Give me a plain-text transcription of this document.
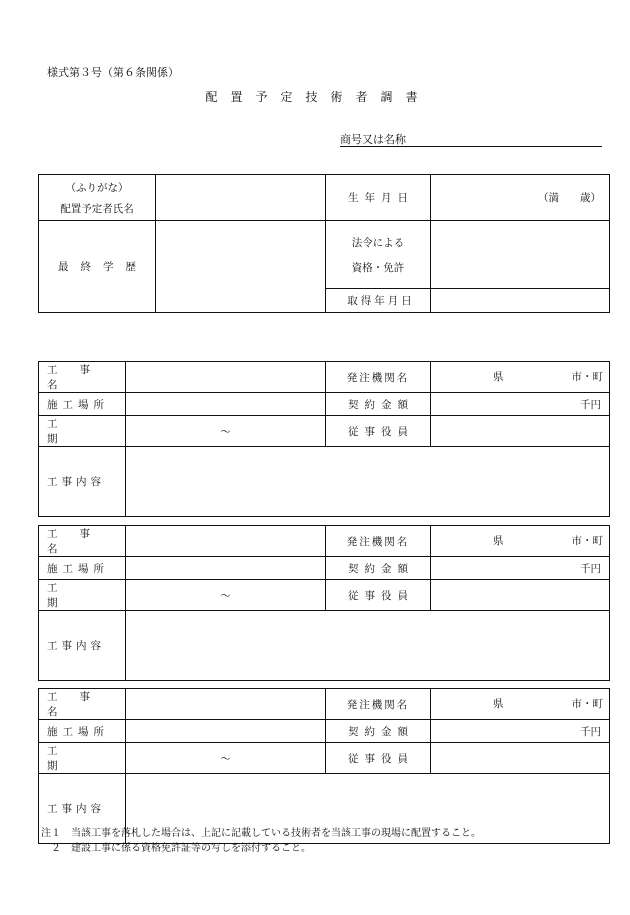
様式第３号（第６条関係）
配置予定技術者調書
商号又は名称
（ふりがな）
配置予定者氏名		生年月日	（満　　歳）
最終学歴		法令による
資格・免許	

		取得年月日	
工事名		発注機関名	県 市・町

施工場所		契約金額	千円
工期	～	従事役員	
工事内容			
工事名		発注機関名	県 市・町

施工場所		契約金額	千円
工期	～	従事役員	
工事内容			
工事名		発注機関名	県 市・町

施工場所		契約金額	千円
工期	～	従事役員	
工事内容			
注１　当該工事を落札した場合は、上記に記載している技術者を当該工事の現場に配置すること。
　２　建設工事に係る資格免許証等の写しを添付すること。
